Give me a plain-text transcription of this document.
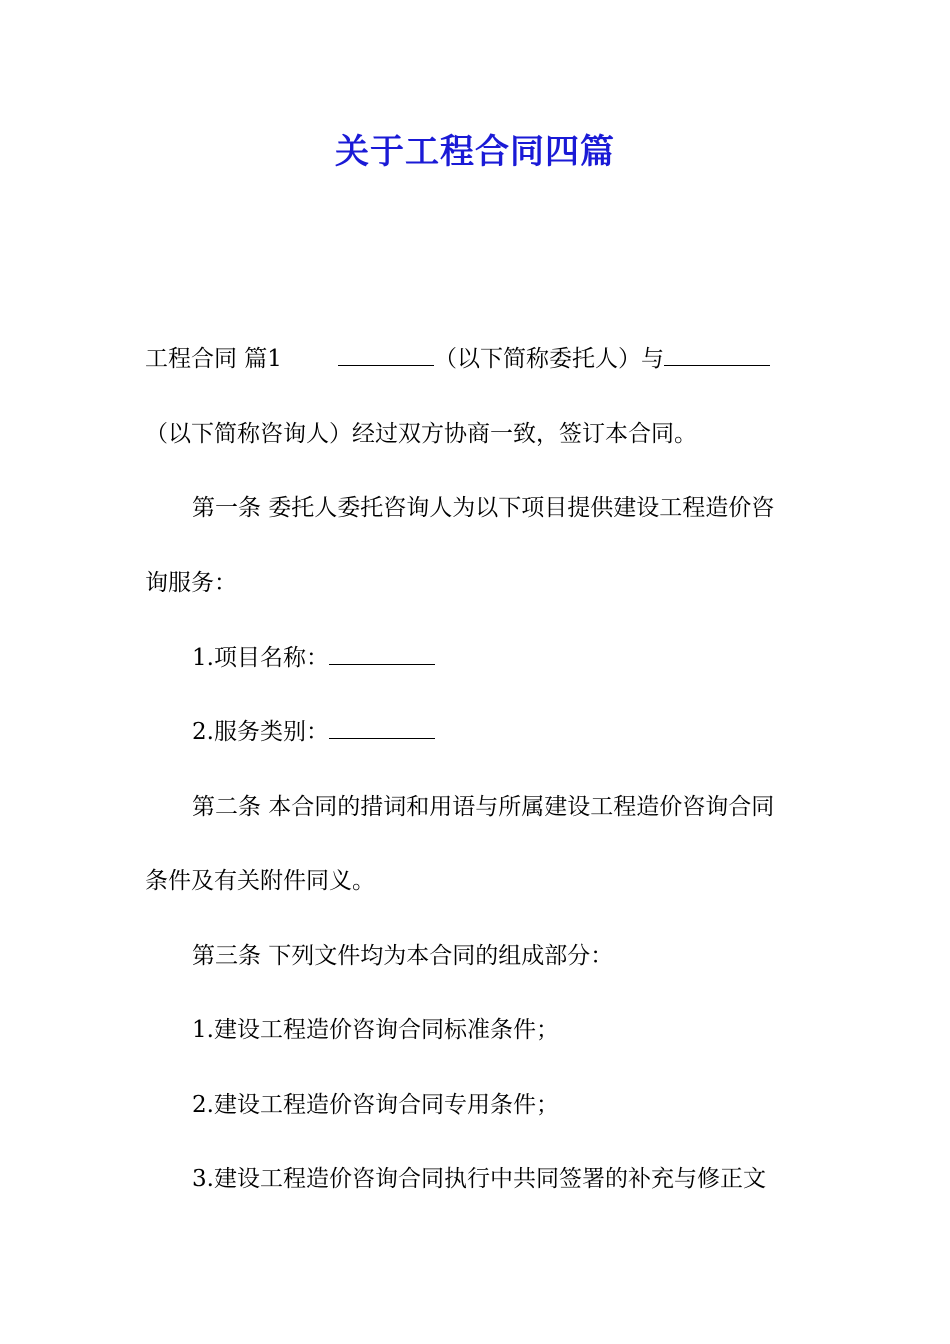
关于工程合同四篇
工程合同 篇1	（以下简称委托人）与
（以下简称咨询人）经过双方协商一致，签订本合同。
第一条 委托人委托咨询人为以下项目提供建设工程造价咨
询服务：
1.项目名称：
2.服务类别：
第二条 本合同的措词和用语与所属建设工程造价咨询合同
条件及有关附件同义。
第三条 下列文件均为本合同的组成部分：
1.建设工程造价咨询合同标准条件；
2.建设工程造价咨询合同专用条件；
3.建设工程造价咨询合同执行中共同签署的补充与修正文
